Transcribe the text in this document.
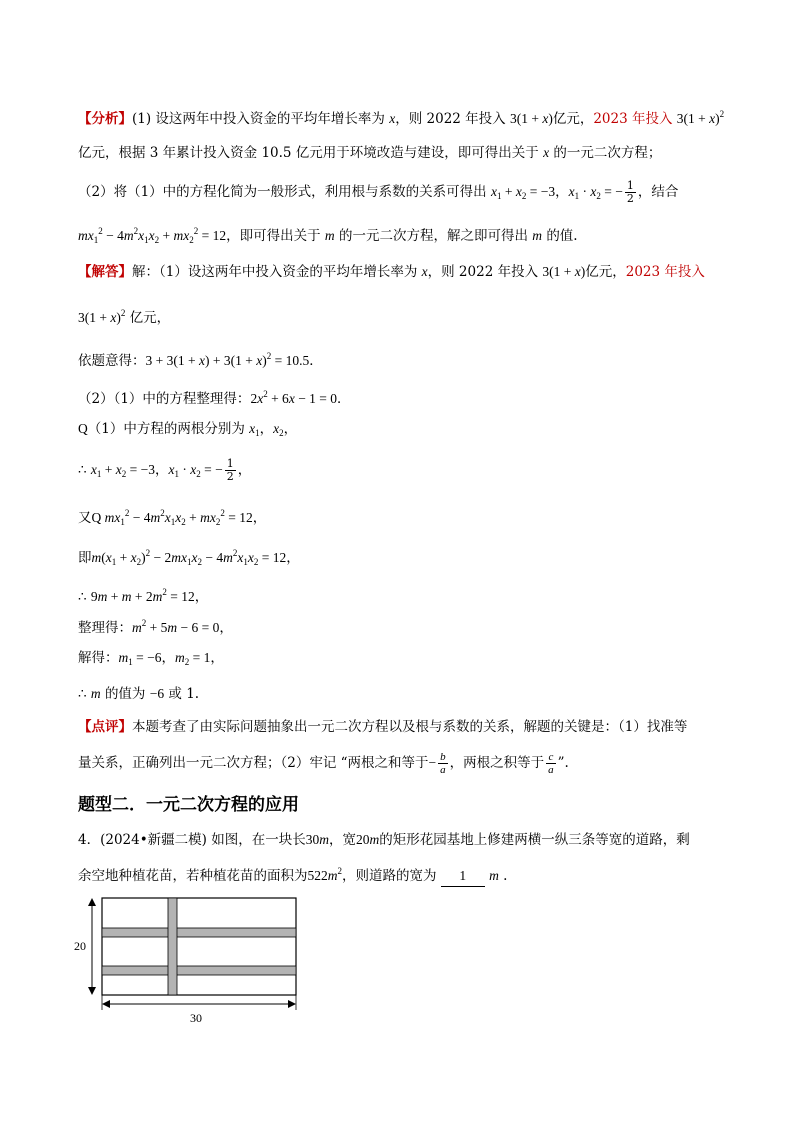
【分析】(1) 设这两年中投入资金的平均年增长率为 x，则 2022 年投入 3(1 + x)亿元，2023 年投入 $3(1 + x)^2$
亿元，根据 3 年累计投入资金 10.5 亿元用于环境改造与建设，即可得出关于 x 的一元二次方程；
（2）将（1）中的方程化简为一般形式，利用根与系数的关系可得出 $x_1 + x_2 = -3$，$x_1 \cdot x_2$ = − $\frac{1}{2}$ ，结合
$mx_1^2 - 4m^2x_1x_2 + mx_2^2 = 12$，即可得出关于 m 的一元二次方程，解之即可得出 m 的值.
【解答】解：（1）设这两年中投入资金的平均年增长率为 x，则 2022 年投入 3(1 + x)亿元，2023 年投入
$3(1 + x)^2$ 亿元，
依题意得：$3 + 3(1 + x) + 3(1 + x)^2 = 10.5$．
（2）（1）中的方程整理得：$2x^2 + 6x - 1 = 0$．
Q（1）中方程的两根分别为 $x_1$，$x_2$，
∴ $x_1 + x_2 = -3$，$x_1 \cdot x_2$ = − $\frac{1}{2}$ ，
又Q $mx_1^2 - 4m^2x_1x_2 + mx_2^2 = 12$，
即$m(x_1 + x_2)^2 - 2mx_1x_2 - 4m^2x_1x_2 = 12$，
∴ $9m + m + 2m^2 = 12$，
整理得：$m^2 + 5m - 6 = 0$，
解得：$m_1 = -6$，$m_2 = 1$，
∴ m 的值为 −6 或 1.
【点评】本题考查了由实际问题抽象出一元二次方程以及根与系数的关系，解题的关键是：（1）找准等
量关系，正确列出一元二次方程；（2）牢记 “两根之和等于− $\frac{b}{a}$ ，两根之积等于 $\frac{c}{a}$ ”.
题型二．一元二次方程的应用
4．(2024•新疆二模) 如图，在一块长30m，宽20m的矩形花园基地上修建两横一纵三条等宽的道路，剩
余空地种植花苗，若种植花苗的面积为$522m^2$，则道路的宽为 1 m .
20
30
